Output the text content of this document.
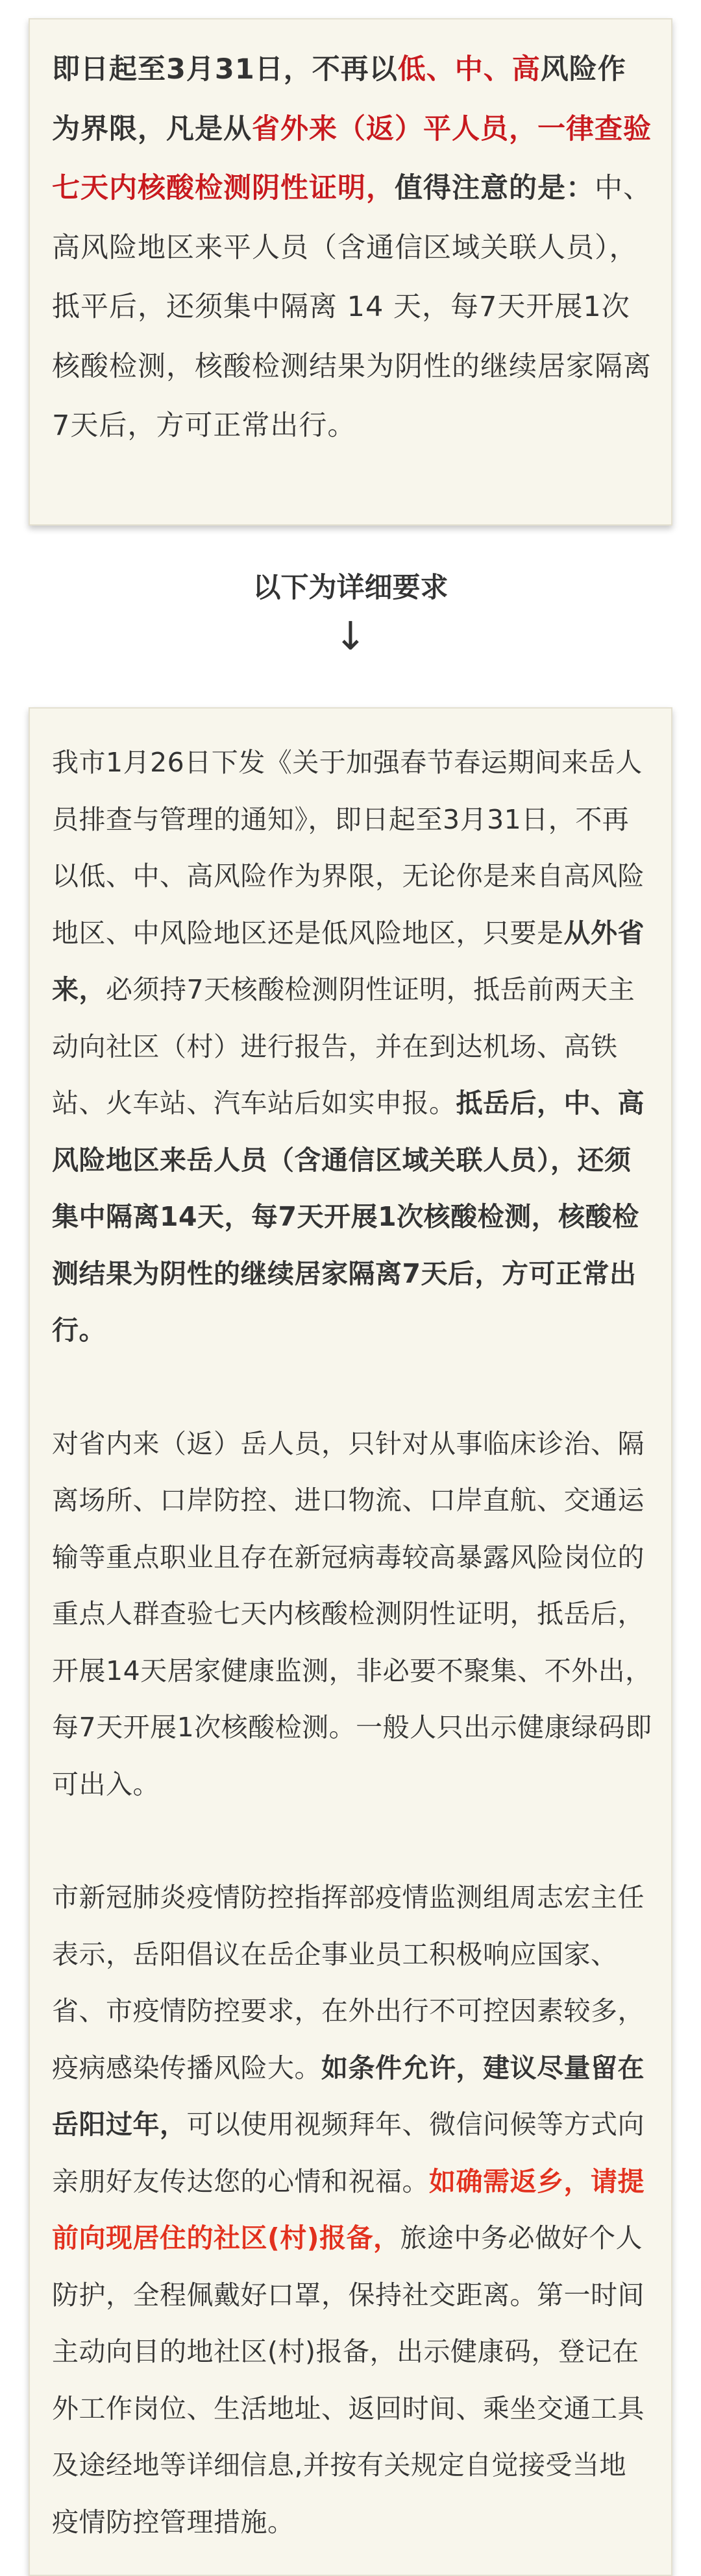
即日起至3月31日，不再以低、中、高风险作为界限，凡是从省外来（返）平人员，一律查验七天内核酸检测阴性证明，值得注意的是：中、高风险地区来平人员（含通信区域关联人员），抵平后，还须集中隔离 14 天，每7天开展1次核酸检测，核酸检测结果为阴性的继续居家隔离7天后，方可正常出行。

以下为详细要求
↓

我市1月26日下发《关于加强春节春运期间来岳人员排查与管理的通知》，即日起至3月31日，不再以低、中、高风险作为界限，无论你是来自高风险地区、中风险地区还是低风险地区，只要是从外省来，必须持7天核酸检测阴性证明，抵岳前两天主动向社区（村）进行报告，并在到达机场、高铁站、火车站、汽车站后如实申报。抵岳后，中、高风险地区来岳人员（含通信区域关联人员），还须集中隔离14天，每7天开展1次核酸检测，核酸检测结果为阴性的继续居家隔离7天后，方可正常出行。

对省内来（返）岳人员，只针对从事临床诊治、隔离场所、口岸防控、进口物流、口岸直航、交通运输等重点职业且存在新冠病毒较高暴露风险岗位的重点人群查验七天内核酸检测阴性证明，抵岳后，开展14天居家健康监测，非必要不聚集、不外出，每7天开展1次核酸检测。一般人只出示健康绿码即可出入。

市新冠肺炎疫情防控指挥部疫情监测组周志宏主任表示，岳阳倡议在岳企事业员工积极响应国家、省、市疫情防控要求，在外出行不可控因素较多，疫病感染传播风险大。如条件允许，建议尽量留在岳阳过年，可以使用视频拜年、微信问候等方式向亲朋好友传达您的心情和祝福。如确需返乡，请提前向现居住的社区(村)报备，旅途中务必做好个人防护，全程佩戴好口罩，保持社交距离。第一时间主动向目的地社区(村)报备，出示健康码，登记在外工作岗位、生活地址、返回时间、乘坐交通工具及途经地等详细信息,并按有关规定自觉接受当地疫情防控管理措施。
